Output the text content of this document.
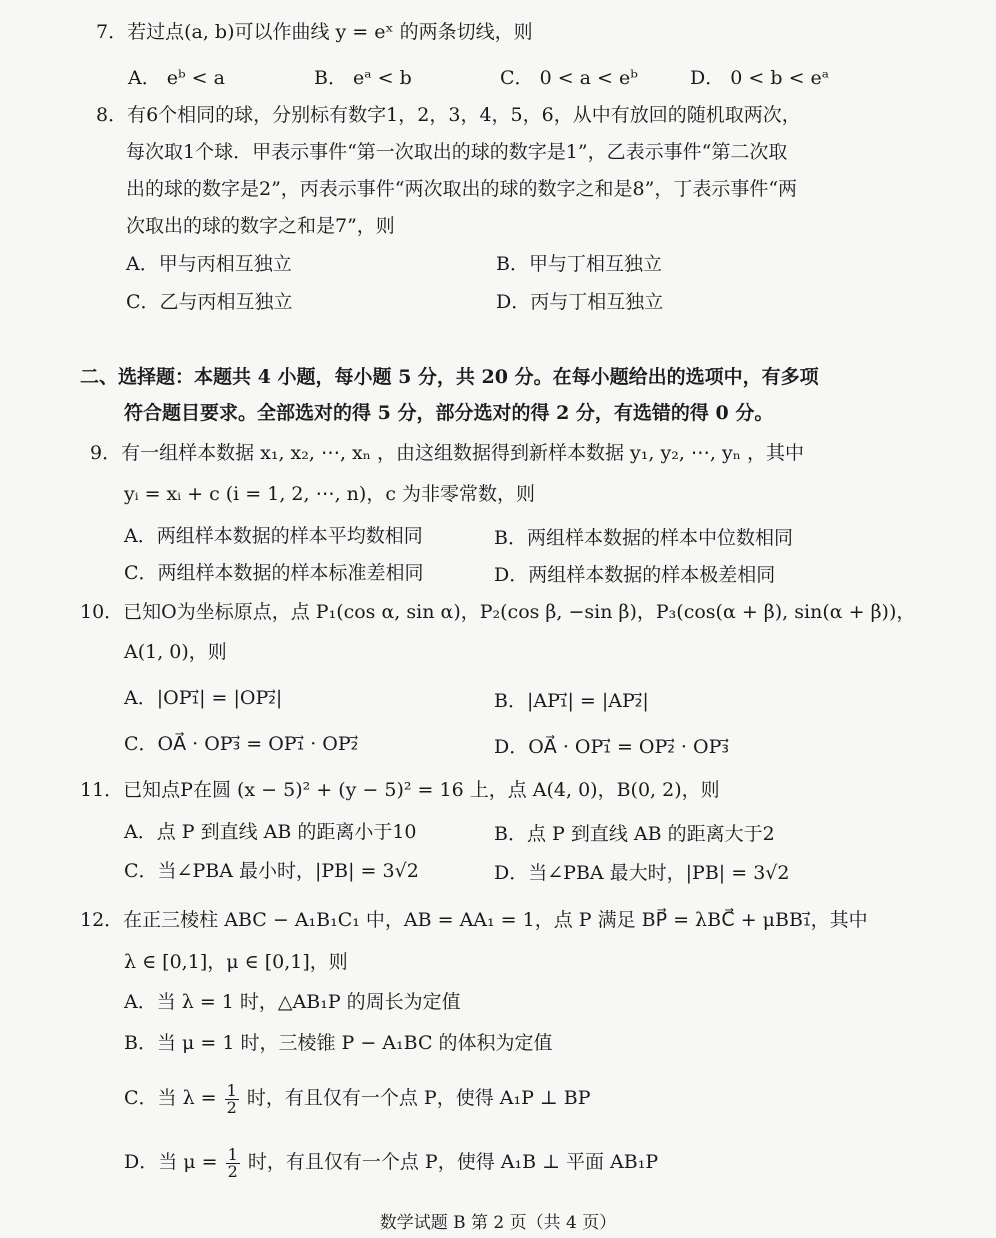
7．若过点(a, b)可以作曲线 y = eˣ 的两条切线，则
A． eᵇ < a	B． eᵃ < b	C． 0 < a < eᵇ	D． 0 < b < eᵃ
8．有6个相同的球，分别标有数字1，2，3，4，5，6，从中有放回的随机取两次，
每次取1个球．甲表示事件“第一次取出的球的数字是1”，乙表示事件“第二次取
出的球的数字是2”，丙表示事件“两次取出的球的数字之和是8”，丁表示事件“两
次取出的球的数字之和是7”，则
A．甲与丙相互独立	B．甲与丁相互独立
C．乙与丙相互独立	D．丙与丁相互独立
二、选择题：本题共 4 小题，每小题 5 分，共 20 分。在每小题给出的选项中，有多项
符合题目要求。全部选对的得 5 分，部分选对的得 2 分，有选错的得 0 分。
9．有一组样本数据 x₁, x₂, ⋯, xₙ ，由这组数据得到新样本数据 y₁, y₂, ⋯, yₙ ，其中
yᵢ = xᵢ + c (i = 1, 2, ⋯, n)，c 为非零常数，则
A．两组样本数据的样本平均数相同	B．两组样本数据的样本中位数相同
C．两组样本数据的样本标准差相同	D．两组样本数据的样本极差相同
10．已知O为坐标原点，点 P₁(cos α, sin α)，P₂(cos β, −sin β)，P₃(cos(α + β), sin(α + β))，
A(1, 0)，则
A．|OP₁⃗| = |OP₂⃗|	B．|AP₁⃗| = |AP₂⃗|
C．OA⃗ · OP₃⃗ = OP₁⃗ · OP₂⃗	D．OA⃗ · OP₁⃗ = OP₂⃗ · OP₃⃗
11．已知点P在圆 (x − 5)² + (y − 5)² = 16 上，点 A(4, 0)，B(0, 2)，则
A．点 P 到直线 AB 的距离小于10	B．点 P 到直线 AB 的距离大于2
C．当∠PBA 最小时，|PB| = 3√2	D．当∠PBA 最大时，|PB| = 3√2
12．在正三棱柱 ABC − A₁B₁C₁ 中，AB = AA₁ = 1，点 P 满足 BP⃗ = λBC⃗ + μBB₁⃗，其中
λ ∈ [0,1]，μ ∈ [0,1]，则
A．当 λ = 1 时，△AB₁P 的周长为定值
B．当 μ = 1 时，三棱锥 P − A₁BC 的体积为定值
C．当 $\lambda = \frac{1}{2}$ 时，有且仅有一个点 P，使得 A₁P ⊥ BP
D．当 $\mu = \frac{1}{2}$ 时，有且仅有一个点 P，使得 A₁B ⊥ 平面 AB₁P
数学试题 B 第 2 页（共 4 页）
